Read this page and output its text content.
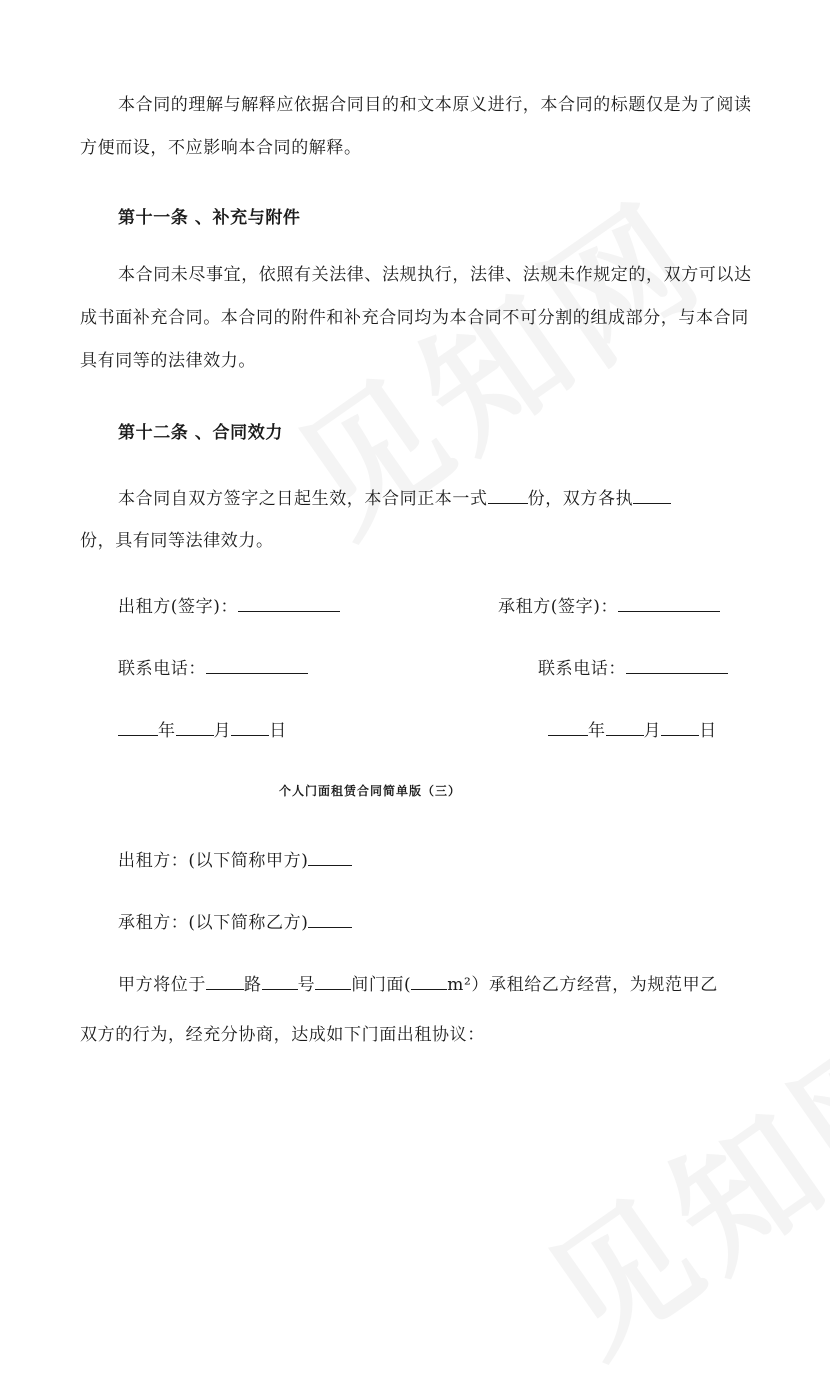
本合同的理解与解释应依据合同目的和文本原义进行，本合同的标题仅是为了阅读方便而设，不应影响本合同的解释。

第十一条 、补充与附件

本合同未尽事宜，依照有关法律、法规执行，法律、法规未作规定的，双方可以达成书面补充合同。本合同的附件和补充合同均为本合同不可分割的组成部分，与本合同具有同等的法律效力。

第十二条 、合同效力
本合同自双方签字之日起生效，本合同正本一式 份，双方各执
份，具有同等法律效力。
出租方(签字)：	承租方(签字)：
联系电话：	联系电话：
年 月 日	年 月 日
个人门面租赁合同简单版（三）
出租方：(以下简称甲方)
承租方：(以下简称乙方)
甲方将位于 路 号 间门面( m²）承租给乙方经营，为规范甲乙
双方的行为，经充分协商，达成如下门面出租协议：
